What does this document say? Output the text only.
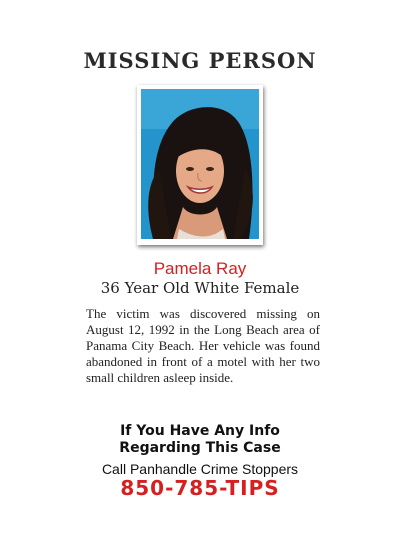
MISSING PERSON
Pamela Ray
36 Year Old White Female
The victim was discovered missing on August 12, 1992 in the Long Beach area of Panama City Beach. Her vehicle was found abandoned in front of a motel with her two small children asleep inside.
If You Have Any Info
Regarding This Case
Call Panhandle Crime Stoppers
850-785-TIPS
